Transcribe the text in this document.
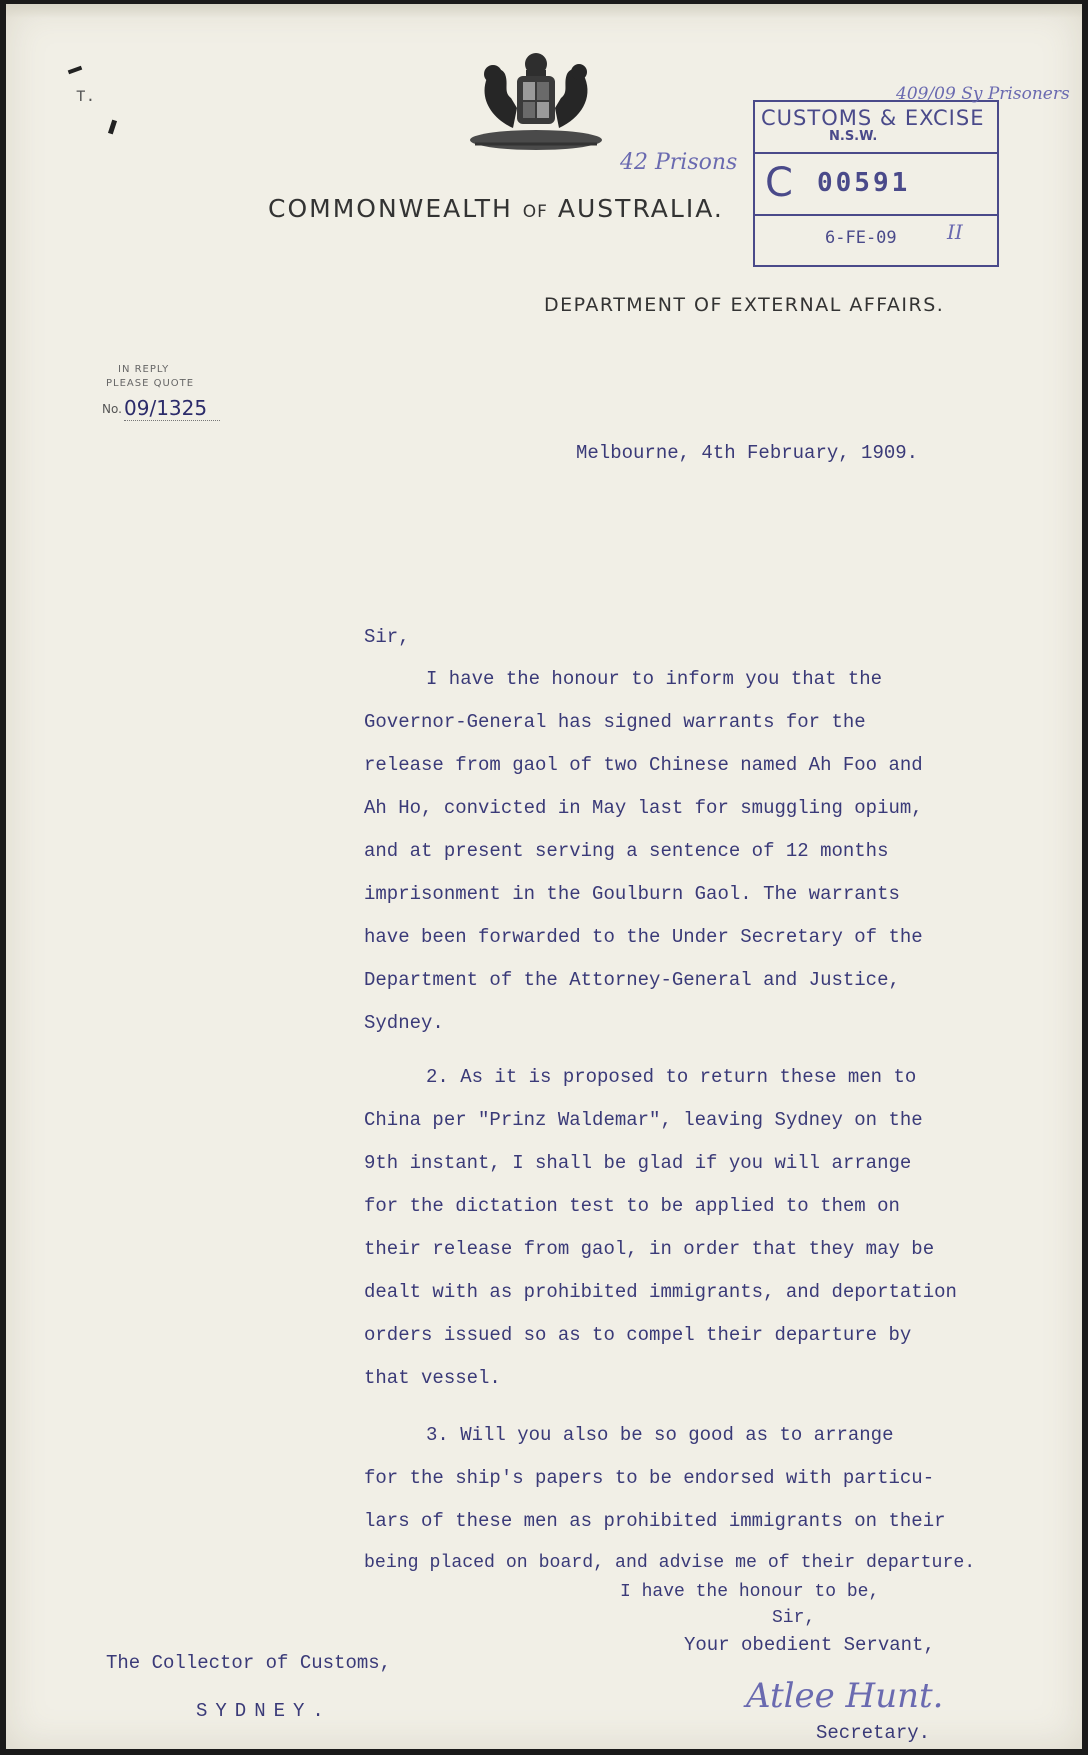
T.
COMMONWEALTH OF AUSTRALIA.
DEPARTMENT OF EXTERNAL AFFAIRS.
IN REPLY
PLEASE QUOTE
No. 09/1325
CUSTOMS & EXCISE
N.S.W.
C 00591
6-FE-09	II
409/09 Sy Prisoners
42 Prisons
Melbourne, 4th February, 1909.
Sir,
I have the honour to inform you that the
Governor-General has signed warrants for the
release from gaol of two Chinese named Ah Foo and
Ah Ho, convicted in May last for smuggling opium,
and at present serving a sentence of 12 months
imprisonment in the Goulburn Gaol. The warrants
have been forwarded to the Under Secretary of the
Department of the Attorney-General and Justice,
Sydney.
2. As it is proposed to return these men to
China per "Prinz Waldemar", leaving Sydney on the
9th instant, I shall be glad if you will arrange
for the dictation test to be applied to them on
their release from gaol, in order that they may be
dealt with as prohibited immigrants, and deportation
orders issued so as to compel their departure by
that vessel.
3. Will you also be so good as to arrange
for the ship's papers to be endorsed with particu-
lars of these men as prohibited immigrants on their
being placed on board, and advise me of their departure.
I have the honour to be,
Sir,
Your obedient Servant,
The Collector of Customs,
SYDNEY.	Atlee Hunt.
Secretary.
